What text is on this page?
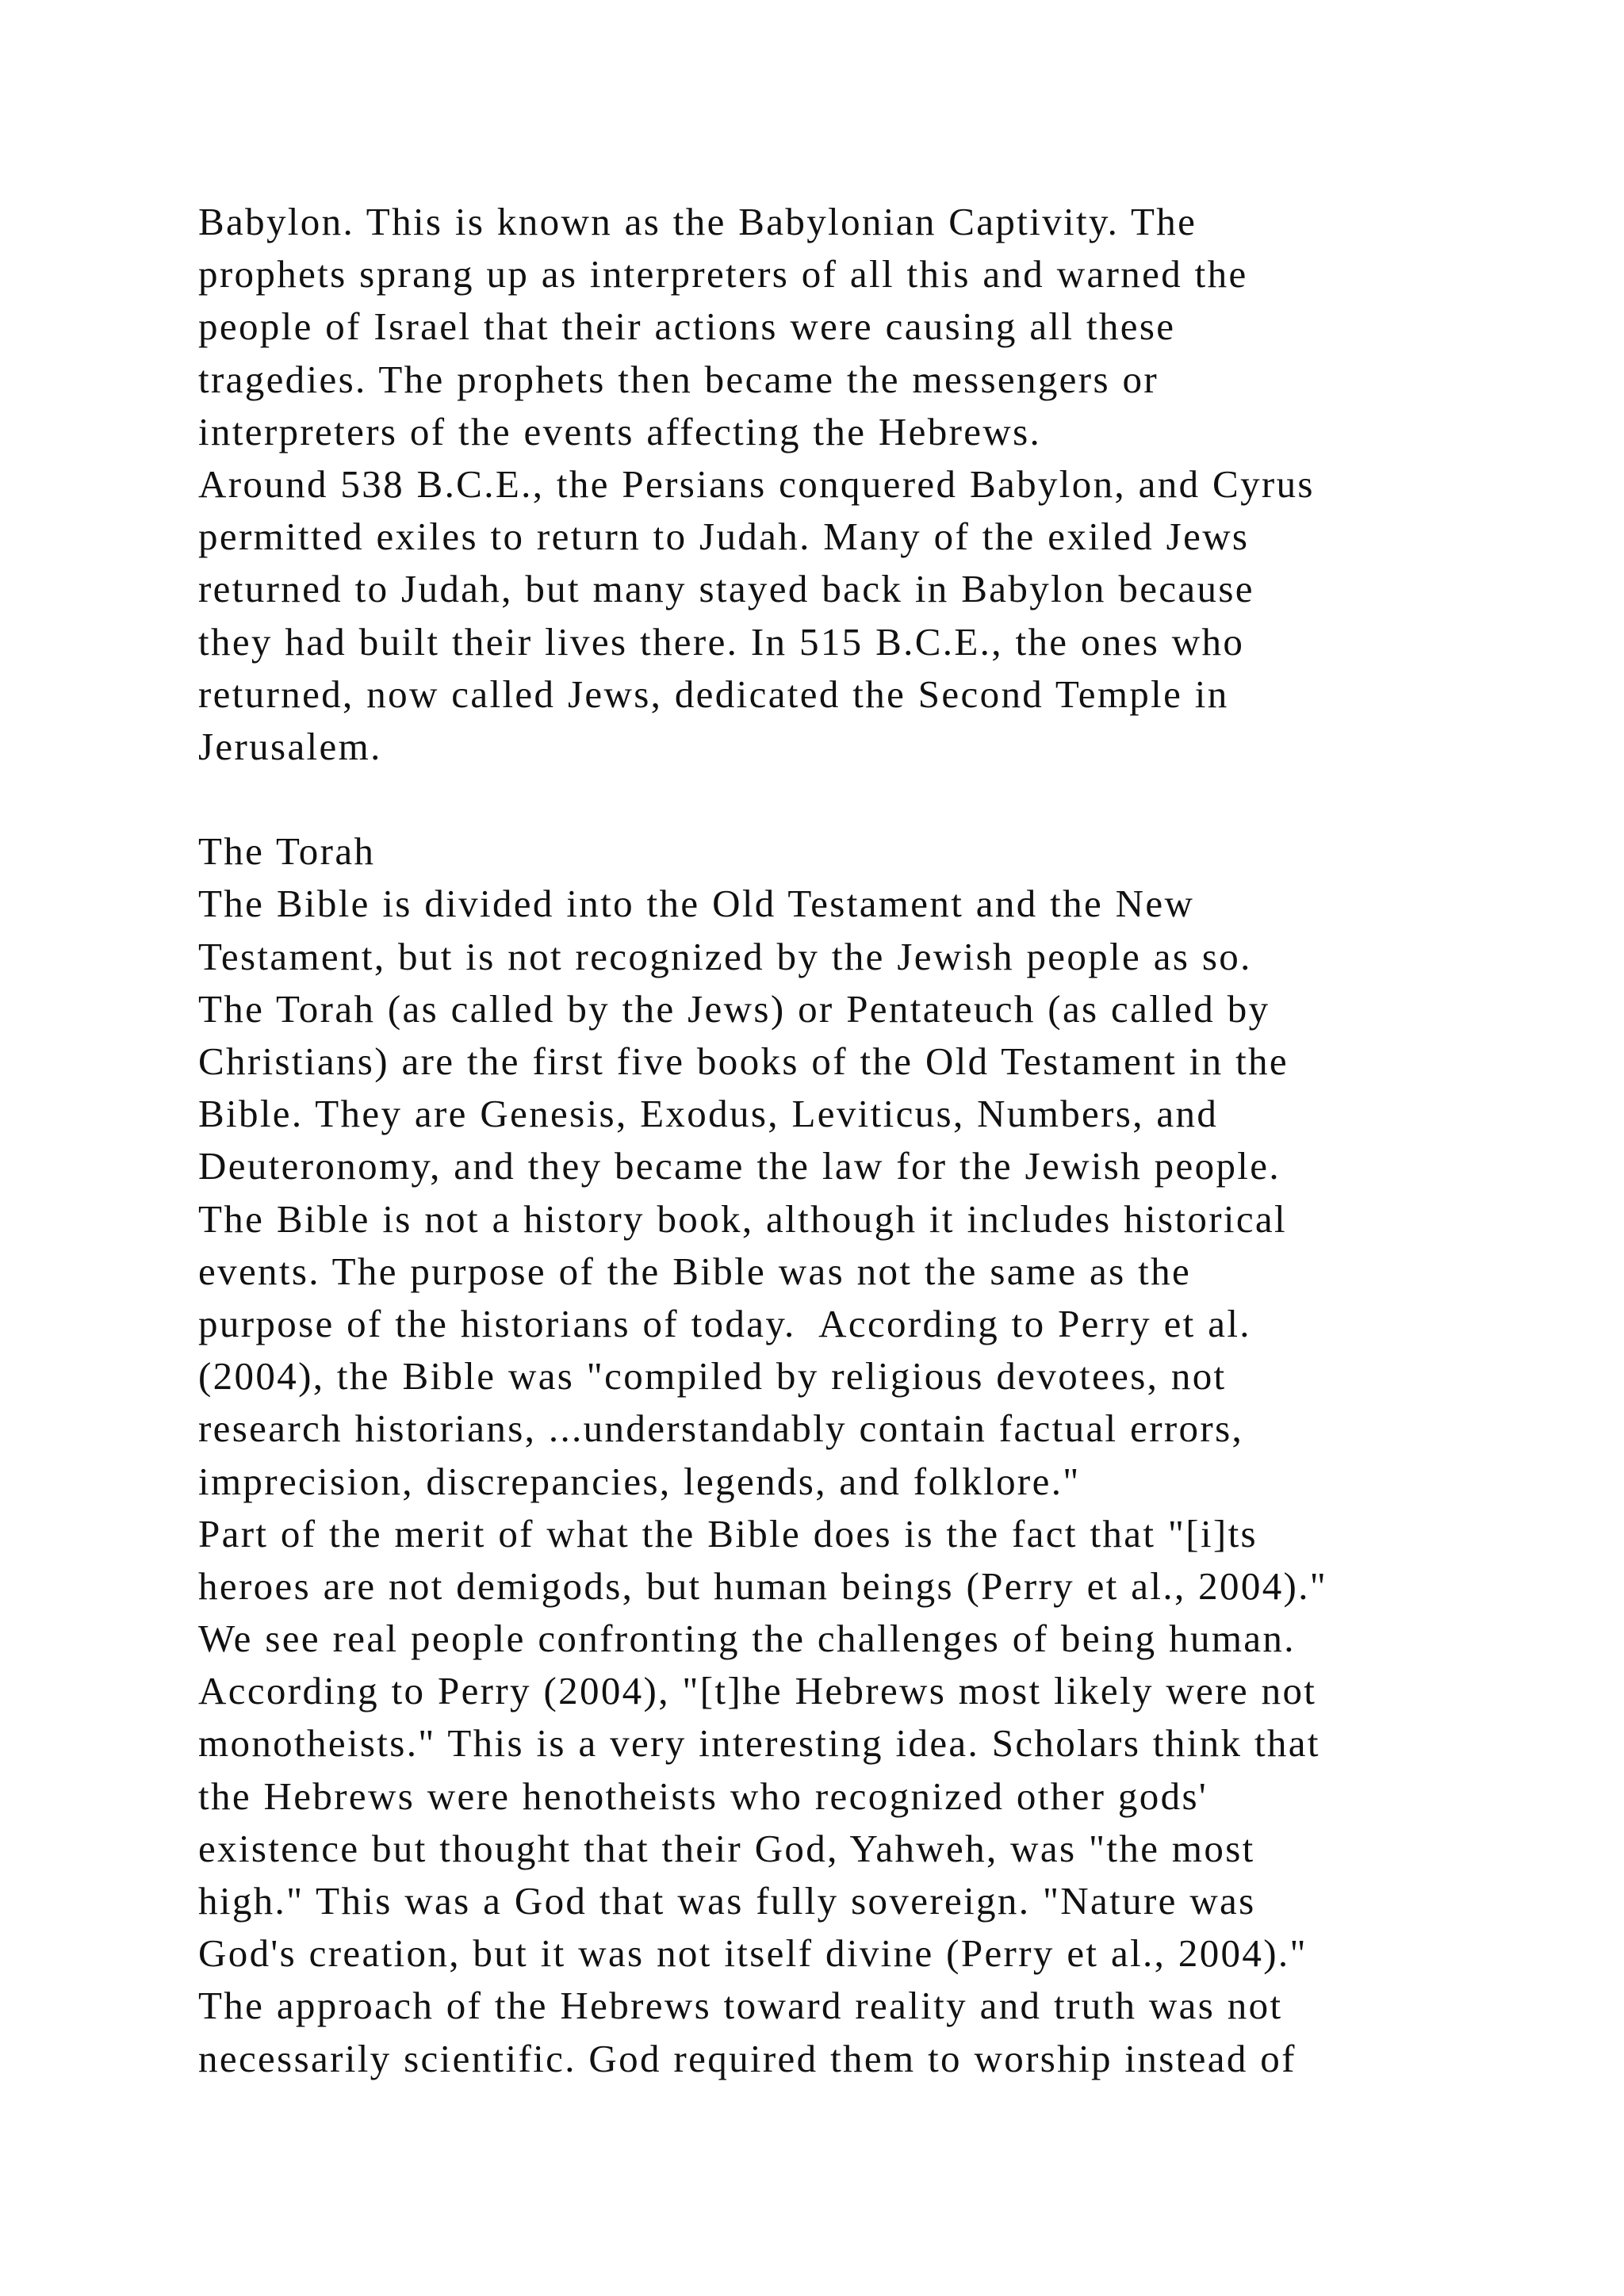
Babylon. This is known as the Babylonian Captivity. The
prophets sprang up as interpreters of all this and warned the
people of Israel that their actions were causing all these
tragedies. The prophets then became the messengers or
interpreters of the events affecting the Hebrews.
Around 538 B.C.E., the Persians conquered Babylon, and Cyrus
permitted exiles to return to Judah. Many of the exiled Jews
returned to Judah, but many stayed back in Babylon because
they had built their lives there. In 515 B.C.E., the ones who
returned, now called Jews, dedicated the Second Temple in
Jerusalem.
The Torah
The Bible is divided into the Old Testament and the New
Testament, but is not recognized by the Jewish people as so.
The Torah (as called by the Jews) or Pentateuch (as called by
Christians) are the first five books of the Old Testament in the
Bible. They are Genesis, Exodus, Leviticus, Numbers, and
Deuteronomy, and they became the law for the Jewish people.
The Bible is not a history book, although it includes historical
events. The purpose of the Bible was not the same as the
purpose of the historians of today.  According to Perry et al.
(2004), the Bible was "compiled by religious devotees, not
research historians, ...understandably contain factual errors,
imprecision, discrepancies, legends, and folklore."
Part of the merit of what the Bible does is the fact that "[i]ts
heroes are not demigods, but human beings (Perry et al., 2004)."
We see real people confronting the challenges of being human.
According to Perry (2004), "[t]he Hebrews most likely were not
monotheists." This is a very interesting idea. Scholars think that
the Hebrews were henotheists who recognized other gods'
existence but thought that their God, Yahweh, was "the most
high." This was a God that was fully sovereign. "Nature was
God's creation, but it was not itself divine (Perry et al., 2004)."
The approach of the Hebrews toward reality and truth was not
necessarily scientific. God required them to worship instead of
